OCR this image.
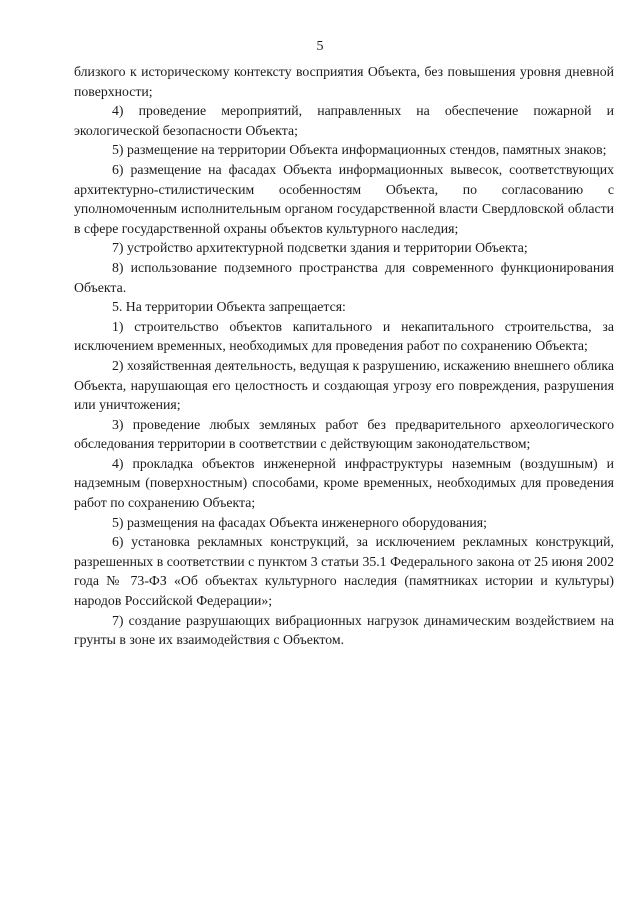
5

близкого к историческому контексту восприятия Объекта, без повышения уровня дневной поверхности;

4) проведение мероприятий, направленных на обеспечение пожарной и экологической безопасности Объекта;

5) размещение на территории Объекта информационных стендов, памятных знаков;

6) размещение на фасадах Объекта информационных вывесок, соответствующих архитектурно-стилистическим особенностям Объекта, по согласованию с уполномоченным исполнительным органом государственной власти Свердловской области в сфере государственной охраны объектов культурного наследия;

7) устройство архитектурной подсветки здания и территории Объекта;

8) использование подземного пространства для современного функционирования Объекта.

5. На территории Объекта запрещается:

1) строительство объектов капитального и некапитального строительства, за исключением временных, необходимых для проведения работ по сохранению Объекта;

2) хозяйственная деятельность, ведущая к разрушению, искажению внешнего облика Объекта, нарушающая его целостность и создающая угрозу его повреждения, разрушения или уничтожения;

3) проведение любых земляных работ без предварительного археологического обследования территории в соответствии с действующим законодательством;

4) прокладка объектов инженерной инфраструктуры наземным (воздушным) и надземным (поверхностным) способами, кроме временных, необходимых для проведения работ по сохранению Объекта;

5) размещения на фасадах Объекта инженерного оборудования;

6) установка рекламных конструкций, за исключением рекламных конструкций, разрешенных в соответствии с пунктом 3 статьи 35.1 Федерального закона от 25 июня 2002 года № 73-ФЗ «Об объектах культурного наследия (памятниках истории и культуры) народов Российской Федерации»;

7) создание разрушающих вибрационных нагрузок динамическим воздействием на грунты в зоне их взаимодействия с Объектом.
